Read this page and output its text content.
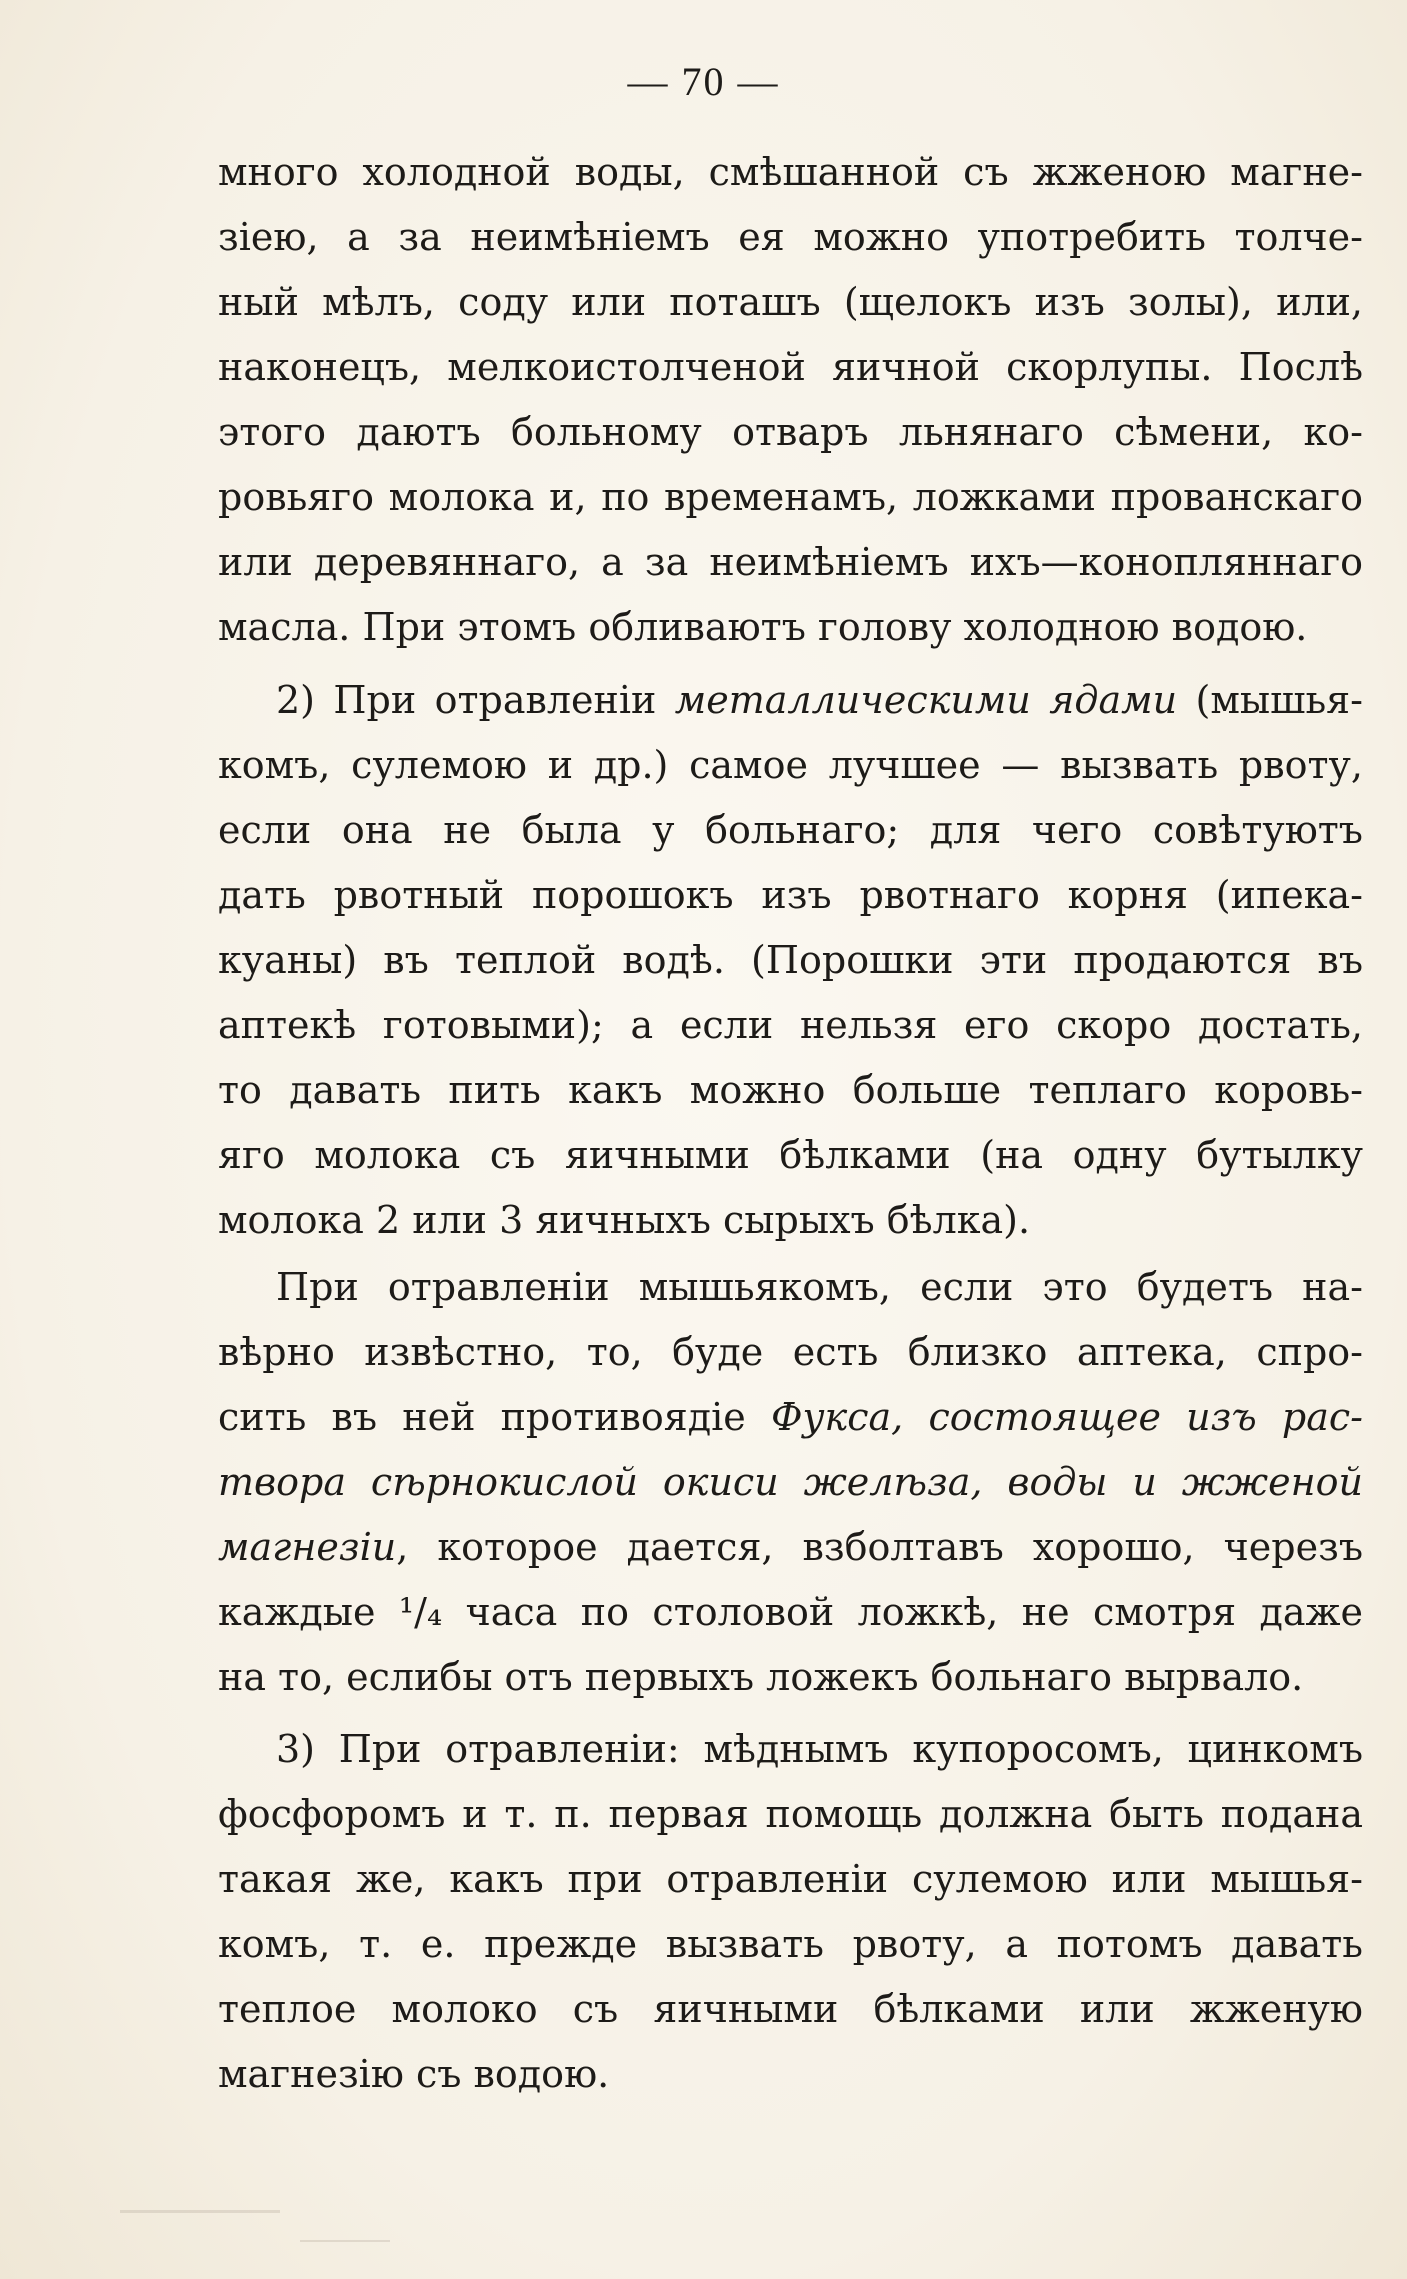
— 70 —
много холодной воды, смѣшанной съ жженою магне-
зiею, а за неимѣнiемъ ея можно употребить толче-
ный мѣлъ, соду или поташъ (щелокъ изъ золы), или,
наконецъ, мелкоистолченой яичной скорлупы. Послѣ
этого даютъ больному отваръ льнянаго сѣмени, ко-
ровьяго молока и, по временамъ, ложками прованскаго
или деревяннаго, а за неимѣнiемъ ихъ—конопляннаго
масла. При этомъ обливаютъ голову холодною водою.
2) При отравленiи металлическими ядами (мышья-
комъ, сулемою и др.) самое лучшее — вызвать рвоту,
если она не была у больнаго; для чего совѣтуютъ
дать рвотный порошокъ изъ рвотнаго корня (ипека-
куаны) въ теплой водѣ. (Порошки эти продаются въ
аптекѣ готовыми); а если нельзя его скоро достать,
то давать пить какъ можно больше теплаго коровь-
яго молока съ яичными бѣлками (на одну бутылку
молока 2 или 3 яичныхъ сырыхъ бѣлка).
При отравленiи мышьякомъ, если это будетъ на-
вѣрно извѣстно, то, буде есть близко аптека, спро-
сить въ ней противоядiе Фукса, состоящее изъ рас-
твора сѣрнокислой окиси желѣза, воды и жженой
магнезiи, которое дается, взболтавъ хорошо, черезъ
каждые ¹/₄ часа по столовой ложкѣ, не смотря даже
на то, еслибы отъ первыхъ ложекъ больнаго вырвало.
3) При отравленiи: мѣднымъ купоросомъ, цинкомъ
фосфоромъ и т. п. первая помощь должна быть подана
такая же, какъ при отравленiи сулемою или мышья-
комъ, т. е. прежде вызвать рвоту, а потомъ давать
теплое молоко съ яичными бѣлками или жженую
магнезiю съ водою.
